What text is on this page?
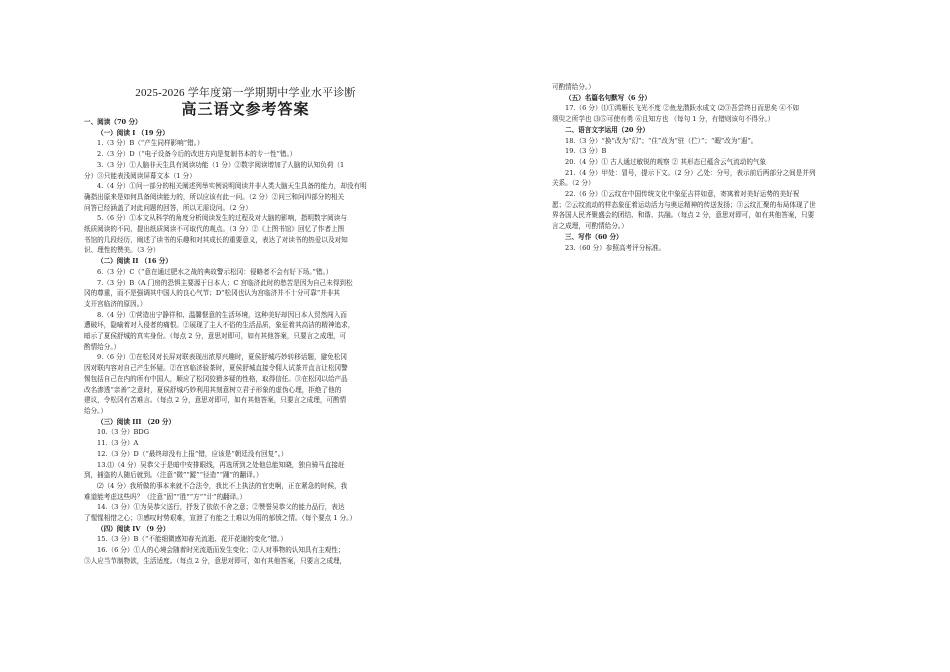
2025-2026 学年度第一学期期中学业水平诊断
高三语文参考答案
一、阅读（70 分）
（一）阅读 I （19 分）
1.（3 分）B（“产生同样影响”错。）
2.（3 分）D（“电子设备今后的改进方向是复制书本的专一性”错。）
3.（3 分）①人脑非天生具有阅读功能（1 分）②数字阅读增加了人脑的认知负荷（1
分）③只能表浅阅读屏幕文本（1 分）
4.（4 分）①问一部分的相关阐述列举实例说明阅读并非人类大脑天生具备的能力，却没有明
确指出原来是如何具备阅读能力的，所以应该有此一问。（2 分）②问三和问四部分的相关
问答已经涵盖了对此问题的回答，所以无需设问。（2 分）
5.（6 分）①本文从科学的角度分析阅读发生的过程及对大脑的影响，指明数字阅读与
纸质阅读的不同，提出纸质阅读不可取代的观点。（3 分）②《上图书馆》回忆了作者上图
书馆的几段经历，阐述了读书的乐趣和对其成长的重要意义，表达了对读书的热爱以及对知
识、理性的赞美。（3 分）
（二）阅读 II （16 分）
6.（3 分）C（“意在通过肥水之战的典故警示松冈：侵略者不会有好下场。”错。）
7.（3 分）B（A 门房的恐惧主要源于日本人；C 宫临济此时的愁苦是因为自己未得到松
冈的尊重，而不是强调其中国人的良心气节；D“松冈也认为宫临济并不十分可靠”并非其
支开宫临济的原因。）
8.（4 分）①营造出宁静祥和、温馨惬意的生活环境，这种美好却因日本人贸然闯入而
遭破坏，隐喻着对入侵者的痛恨。②展现了主人不俗的生活品质，象征着其高洁的精神追求，
暗示了夏侯舒城的真实身份。（每点 2 分，意思对即可，如有其他答案，只要言之成理，可
酌情给分。）
9.（6 分）①在松冈对长屏对联表现出浓厚兴趣时，夏侯舒城巧妙转移话题，避免松冈
因对联内容对自己产生怀疑。②在宫临济验茶时，夏侯舒城直接令佣人试茶并直言让松冈警
惕包括自己在内的所有中国人，顺应了松冈狡猾多疑的性格，取得信任。③在松冈以给产品
改名渗透“亲善”之意时，夏侯舒城巧妙利用其刻意树立君子形象的虚伪心理，拒绝了他的
建议，令松冈有苦难言。（每点 2 分，意思对即可，如有其他答案，只要言之成理，可酌情
给分。）
（三）阅读 III （20 分）
10.（3 分）BDG
11.（3 分）A
12.（3 分）D（“最终却没有上报”错，应该是“朝廷没有回复”。）
13.⑴（4 分）吴恭父于是暗中安排眼线，再选所到之处他总能知晓，独自骑马直接赶
到，捕盗的人随后就到。（注意“微”“蹤”“径造”“踵”的翻译。）
⑵（4 分）我所做的事本来就不合法令，我比不上执法的官吏啊，正在紧急的时候，我
难道能考虑这些吗？（注意“固”“胜”“方”“计”的翻译。）
14.（3 分）①为吴恭父送行，抒发了依依不舍之意；②赞誉吴恭父的能力品行，表达
了惺惺相惜之心；③感叹时势艰难，宣泄了有能之士难以为用的郁愤之情。（每个要点 1 分。）
（四）阅读 IV （9 分）
15.（3 分）B（“不能细微感知春光流逝、花开花谢的变化”错。）
16.（6 分）①人的心境会随着时光流逝而发生变化；②人对事物的认知具有主观性；
③人应当节制物欲，生活适度。（每点 2 分，意思对即可，如有其他答案，只要言之成理，
可酌情给分。）
（五）名篇名句默写（6 分）
17.（6 分）⑴①鸿雁长飞光不度 ②鱼龙潜跃水成文 ⑵③吾尝终日而思矣 ④不如
须臾之所学也 ⑶⑤可使有勇 ⑥且知方也 （每句 1 分，有错则该句不得分。）
二、语言文字运用（20 分）
18.（3 分）“换”改为“幻”；“住”改为“驻（伫）”；“暇”改为“遐”。
19.（3 分）B
20.（4 分）① 古人通过敏锐的观察 ② 其形态已蕴含云气流动的气象
21.（4 分）甲处：冒号，提示下文。（2 分）乙处：分号，表示前后两部分之间是并列
关系。（2 分）
22.（6 分）①云纹在中国传统文化中象征吉祥如意，寄寓着对美好运势的美好祝
愿；②云纹流动的样态象征着运动活力与奥运精神的传送发扬；③云纹汇聚的布局体现了世
界各国人民齐聚盛会的团结、和谐、共融。（每点 2 分，意思对即可，如有其他答案，只要
言之成理，可酌情给分。）
三、写作（60 分）
23.（60 分）参照高考评分标准。
